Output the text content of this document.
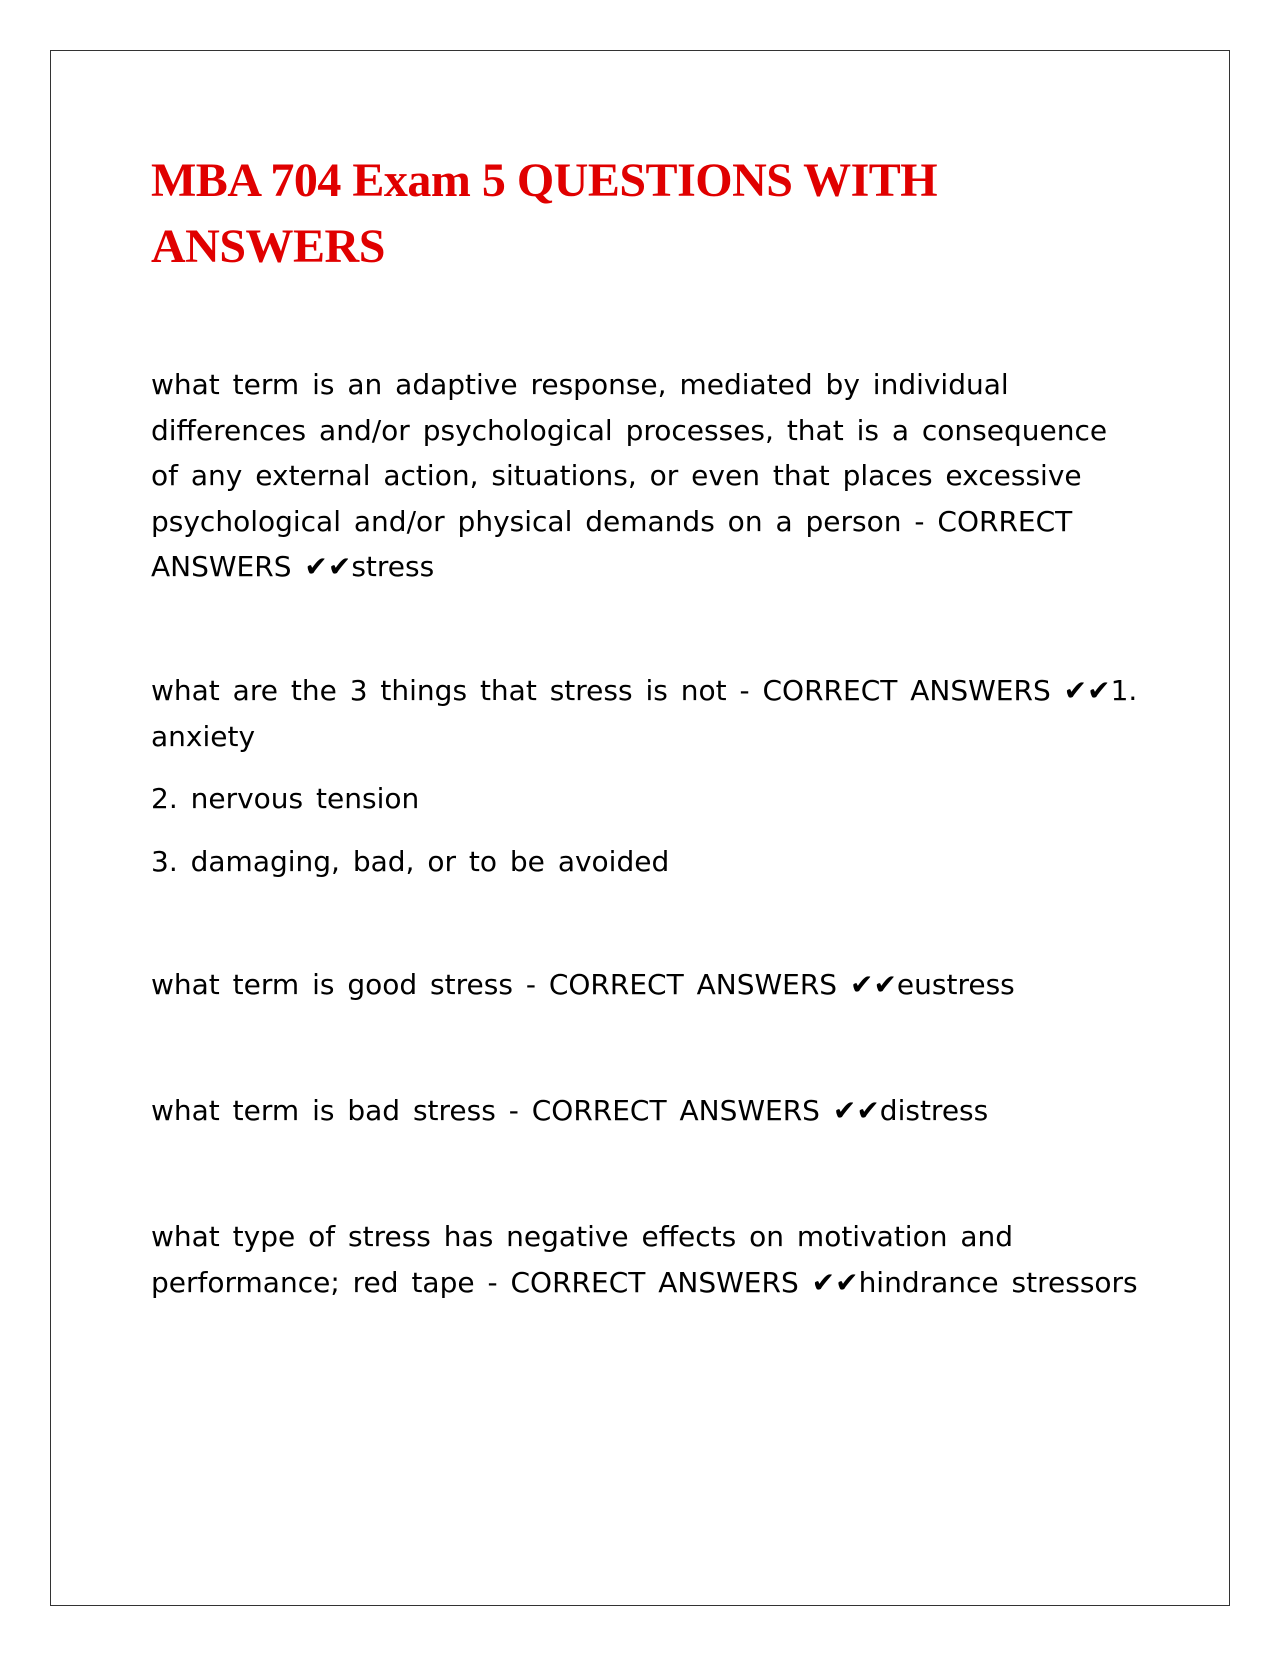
MBA 704 Exam 5 QUESTIONS WITH ANSWERS

what term is an adaptive response, mediated by individual differences and/or psychological processes, that is a consequence of any external action, situations, or even that places excessive psychological and/or physical demands on a person - CORRECT ANSWERS ✔✔stress

what are the 3 things that stress is not - CORRECT ANSWERS ✔✔1. anxiety

2. nervous tension

3. damaging, bad, or to be avoided

what term is good stress - CORRECT ANSWERS ✔✔eustress

what term is bad stress - CORRECT ANSWERS ✔✔distress

what type of stress has negative effects on motivation and performance; red tape - CORRECT ANSWERS ✔✔hindrance stressors
